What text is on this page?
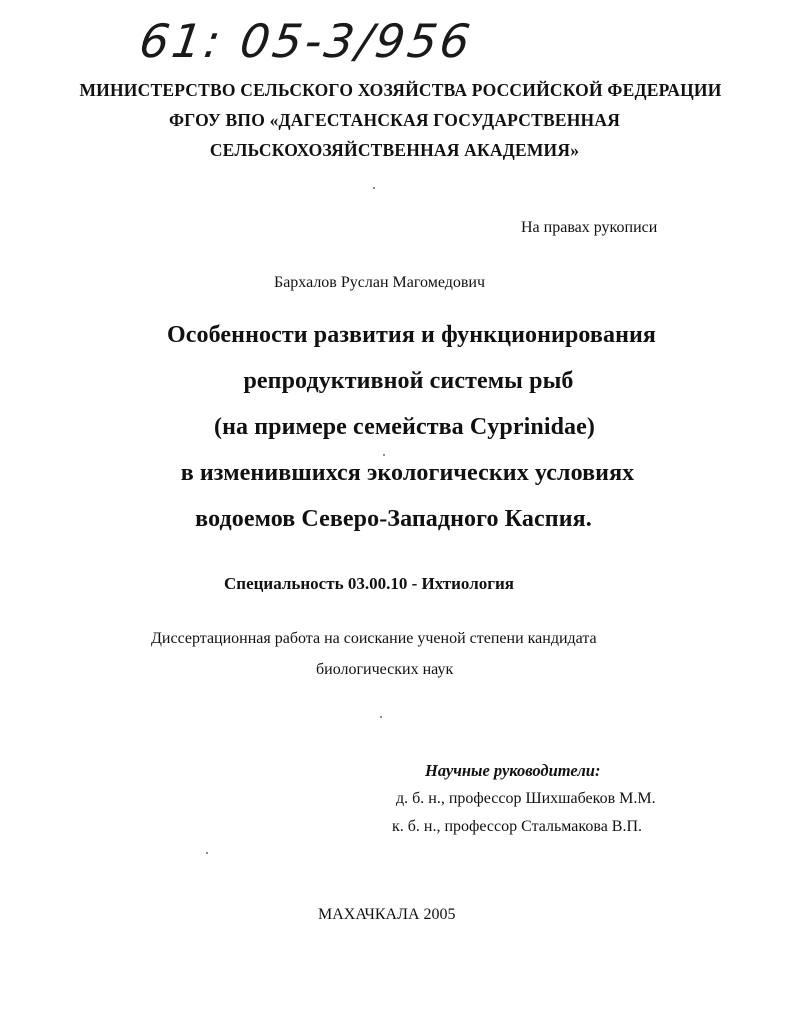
61: 05-3/956
МИНИСТЕРСТВО СЕЛЬСКОГО ХОЗЯЙСТВА РОССИЙСКОЙ ФЕДЕРАЦИИ
ФГОУ ВПО «ДАГЕСТАНСКАЯ ГОСУДАРСТВЕННАЯ
СЕЛЬСКОХОЗЯЙСТВЕННАЯ АКАДЕМИЯ»
На правах рукописи
Бархалов Руслан Магомедович
Особенности развития и функционирования
репродуктивной системы рыб
(на примере семейства Cyprinidae)
в изменившихся экологических условиях
водоемов Северо-Западного Каспия.
Специальность 03.00.10 - Ихтиология
Диссертационная работа на соискание ученой степени кандидата
биологических наук
Научные руководители:
д. б. н., профессор Шихшабеков М.М.
к. б. н., профессор Стальмакова В.П.
МАХАЧКАЛА 2005
